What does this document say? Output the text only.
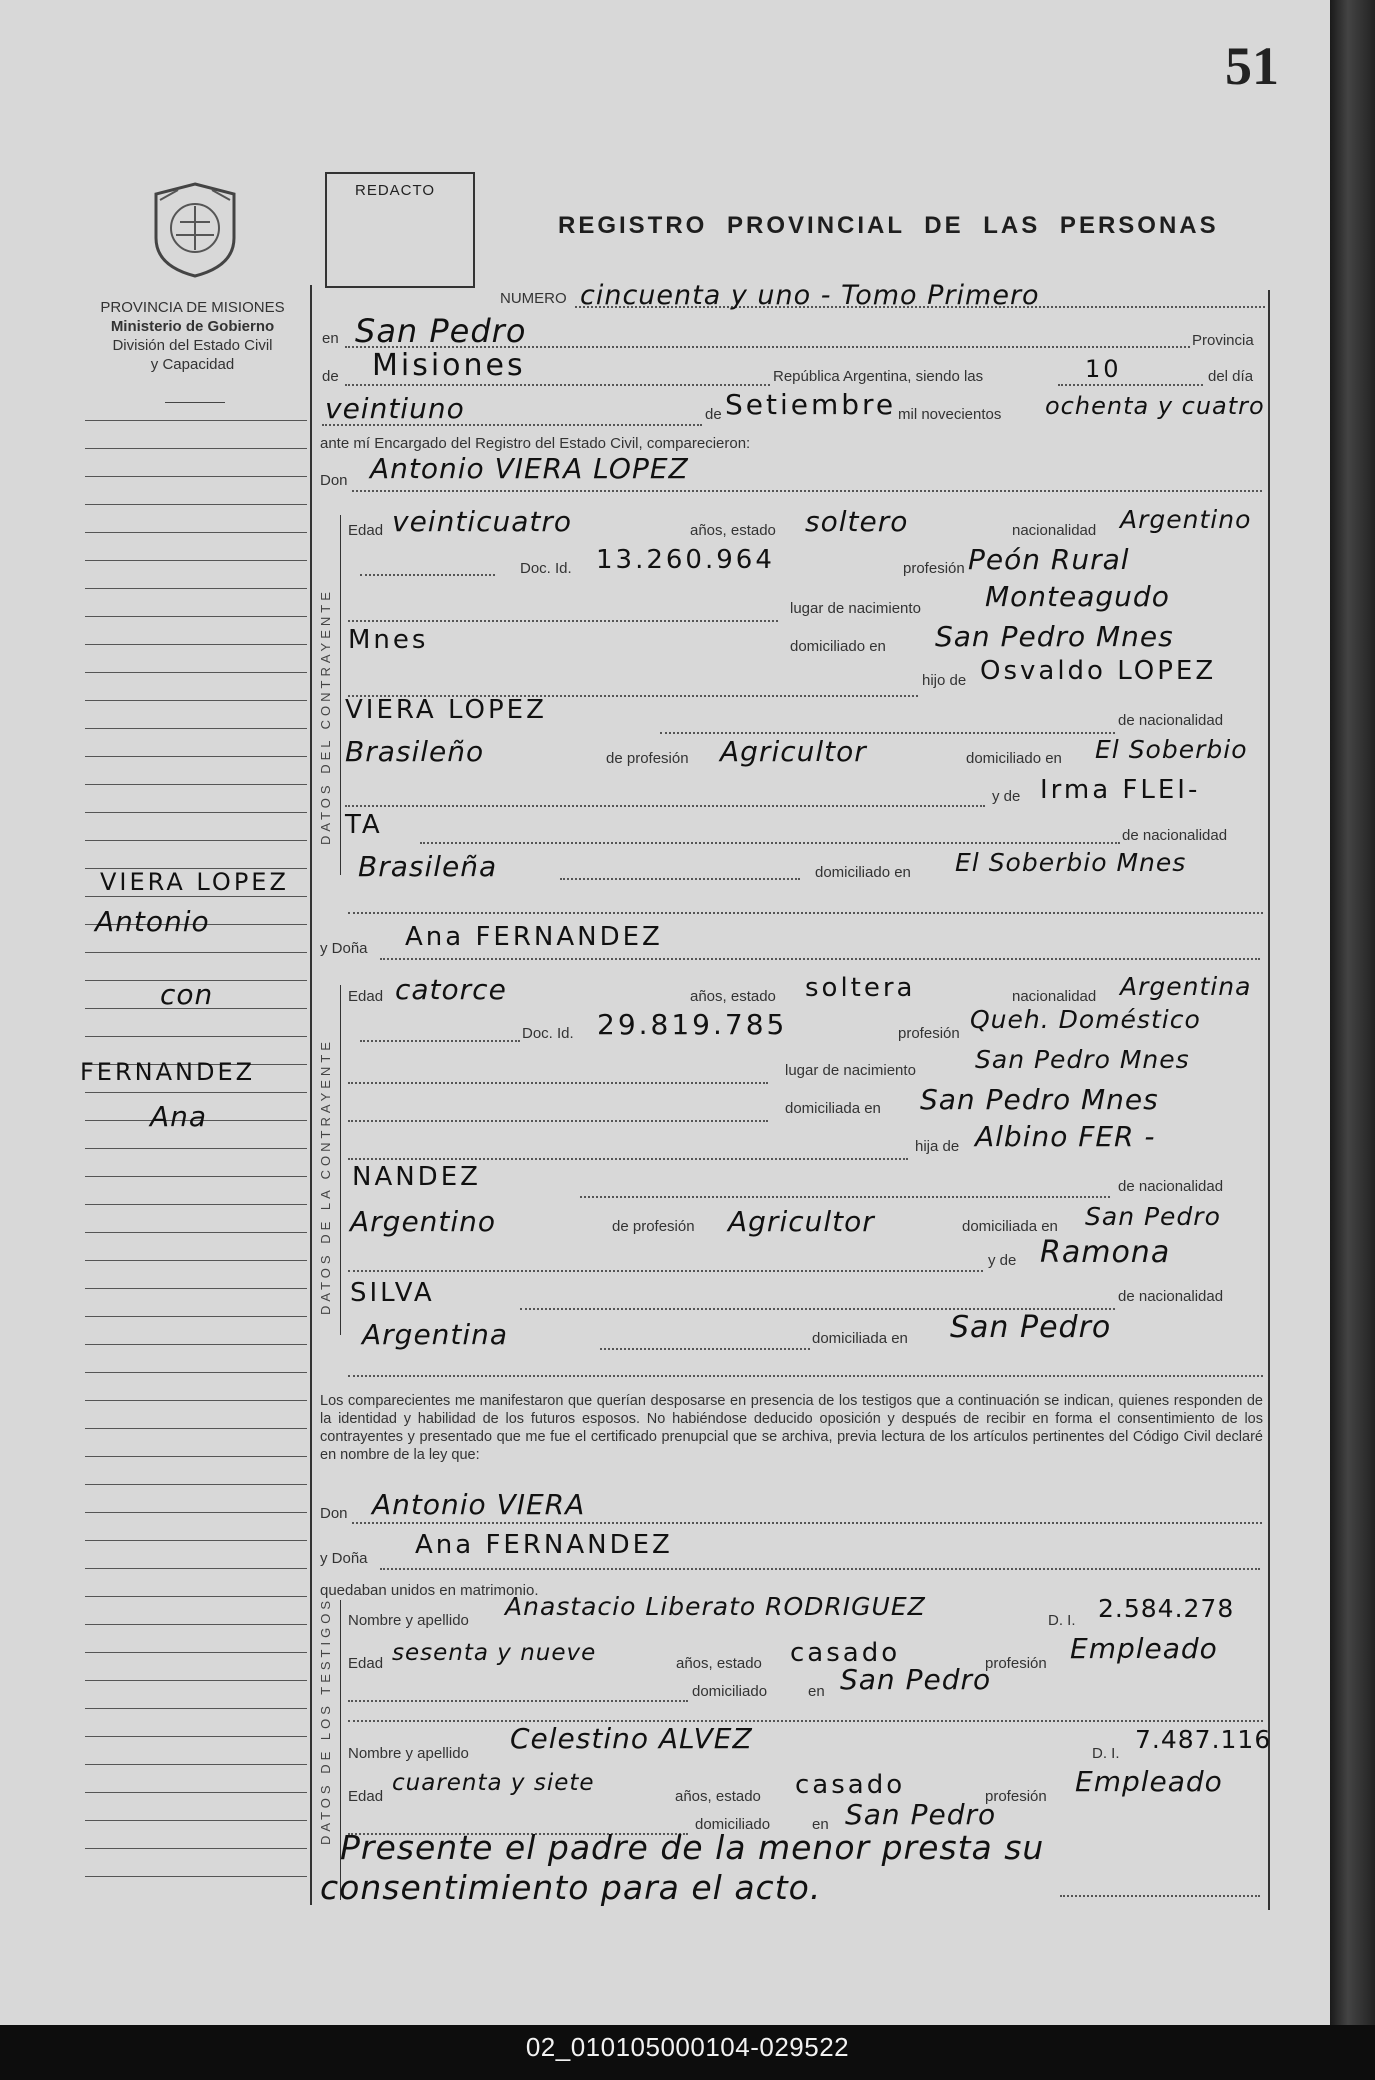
02_010105000104-029522
51
PROVINCIA DE MISIONES
Ministerio de Gobierno
División del Estado Civil
y Capacidad
REDACTO
REGISTRO PROVINCIAL DE LAS PERSONAS
VIERA LOPEZ
Antonio
con
FERNANDEZ
Ana
NUMERO cincuenta y uno - Tomo Primero
en San Pedro	Provincia
de Misiones	República Argentina, siendo las	10	del día
veintiuno	de Setiembre mil novecientos ochenta y cuatro
ante mí Encargado del Registro del Estado Civil, comparecieron:
Don Antonio VIERA LOPEZ
DATOS DEL CONTRAYENTE
Edad veinticuatro	años, estado soltero	nacionalidad Argentino
Doc. Id. 13.260.964	profesión Peón Rural
lugar de nacimiento Monteagudo
Mnes	domiciliado en San Pedro Mnes
hijo de Osvaldo LOPEZ
VIERA LOPEZ	de nacionalidad
Brasileño	de profesión Agricultor	domiciliado en El Soberbio
y de Irma FLEI-
TA	de nacionalidad
Brasileña	domiciliado en El Soberbio Mnes
y Doña Ana FERNANDEZ
DATOS DE LA CONTRAYENTE
Edad catorce	años, estado soltera	nacionalidad Argentina
Doc. Id. 29.819.785	profesión Queh. Doméstico
lugar de nacimiento San Pedro Mnes
domiciliada en San Pedro Mnes
hija de Albino FER -
NANDEZ	de nacionalidad
Argentino	de profesión Agricultor	domiciliada en San Pedro
y de Ramona
SILVA	de nacionalidad
Argentina	domiciliada en San Pedro
Los comparecientes me manifestaron que querían desposarse en presencia de los testigos que a continuación se indican, quienes responden de la identidad y habilidad de los futuros esposos. No habiéndose deducido oposición y después de recibir en forma el consentimiento de los contrayentes y presentado que me fue el certificado prenupcial que se archiva, previa lectura de los artículos pertinentes del Código Civil declaré en nombre de la ley que:
Don Antonio VIERA
y Doña Ana FERNANDEZ
quedaban unidos en matrimonio.
DATOS DE LOS TESTIGOS Nombre y apellido Anastacio Liberato RODRIGUEZ	D. I. 2.584.278
Edad sesenta y nueve	años, estado casado	profesión Empleado
domiciliado	en San Pedro
Nombre y apellido Celestino ALVEZ	D. I. 7.487.116
Edad
cuarenta y siete
años, estado casado	profesión Empleado
domiciliado	en San Pedro
Presente el padre de la menor presta su
consentimiento para el acto.
